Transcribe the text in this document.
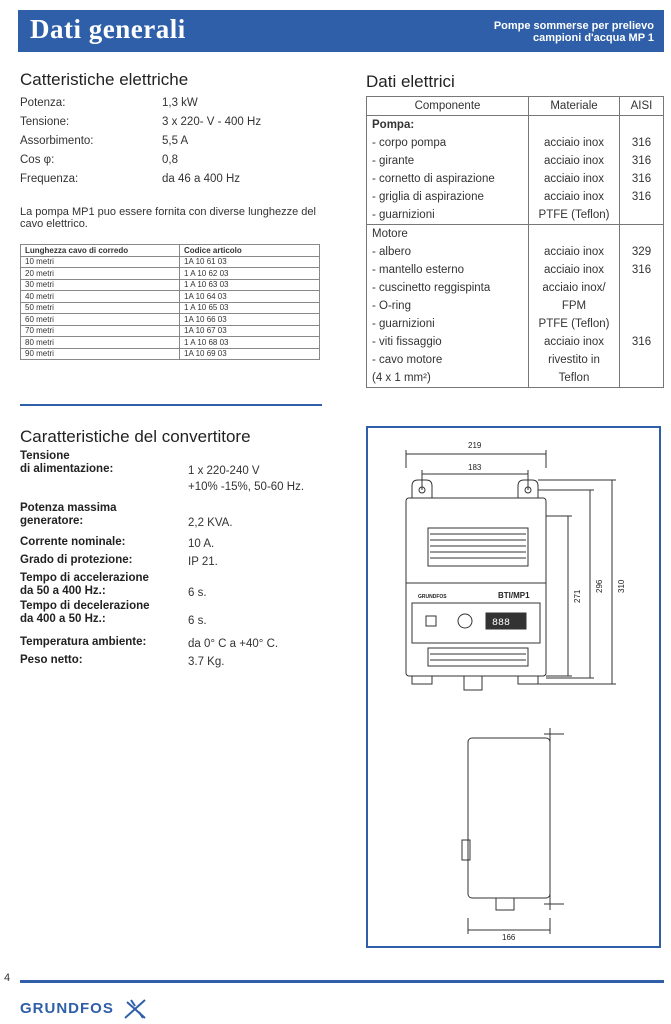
Dati generali	Pompe sommerse per prelievo
campioni d'acqua MP 1
Catteristiche elettriche
Potenza:	1,3 kW
Tensione:	3 x 220- V - 400 Hz
Assorbimento:	5,5 A
Cos φ:	0,8
Frequenza:	da 46 a 400 Hz
La pompa MP1 puo essere fornita con diverse lunghezze del cavo elettrico.
Lunghezza cavo di corredo	Codice articolo
10 metri	1A 10 61 03
20 metri	1 A 10 62 03
30 metri	1 A 10 63 03
40 metri	1A 10 64 03
50 metri	1 A 10 65 03
60 metri	1A 10 66 03
70 metri	1A 10 67 03
80 metri	1 A 10 68 03
90 metri	1A 10 69 03
Caratteristiche del convertitore
Tensione
di alimentazione:	1 x 220-240 V
+10% -15%, 50-60 Hz.
Potenza massima
generatore:	2,2 KVA.
Corrente nominale:	10 A.
Grado di protezione:	IP 21.
Tempo di accelerazione
da 50 a 400 Hz.:	6 s.
Tempo di decelerazione
da 400 a 50 Hz.:	6 s.
Temperatura ambiente:	da 0° C a +40° C.
Peso netto:	3.7 Kg.
Dati elettrici
Componente	Materiale	AISI
Pompa:		
- corpo pompa	acciaio inox	316
- girante	acciaio inox	316
- cornetto di aspirazione	acciaio inox	316
- griglia di aspirazione	acciaio inox	316
- guarnizioni	PTFE (Teflon)	
Motore		
- albero	acciaio inox	329
- mantello esterno	acciaio inox	316
- cuscinetto reggispinta	acciaio inox/	
- O-ring	FPM	
- guarnizioni	PTFE (Teflon)	
- viti fissaggio	acciaio inox	316
- cavo motore	rivestito in	
(4 x 1 mm²)	Teflon	
219
183
271
296 310
166
GRUNDFOS	BTI/MP1
888
4
GRUNDFOS
